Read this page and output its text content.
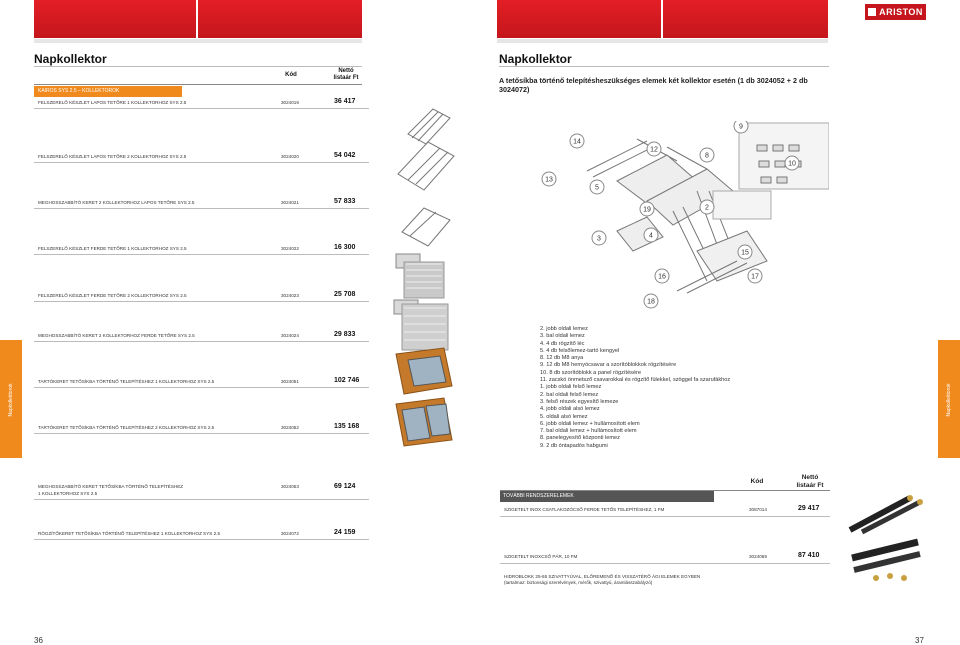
ARISTON
Napkollektor
KAIROS SYS 2.5 – KOLLEKTOROK
Kód
Nettó
listaár Ft
FELSZERELŐ KÉSZLET LAPOS TETŐRE 1 KOLLEKTORHOZ SYS 2.5	3024019	36 417
FELSZERELŐ KÉSZLET LAPOS TETŐRE 2 KOLLEKTORHOZ SYS 2.5	3024020	54 042
MEGHOSSZABBÍTÓ KERET 2 KOLLEKTORHOZ LAPOS TETŐRE SYS 2.5	3024021	57 833
FELSZERELŐ KÉSZLET FERDE TETŐRE 1 KOLLEKTORHOZ SYS 2.5	3024022	16 300
FELSZERELŐ KÉSZLET FERDE TETŐRE 2 KOLLEKTORHOZ SYS 2.5	3024023	25 708
MEGHOSSZABBÍTÓ KERET 2 KOLLEKTORHOZ FERDE TETŐRE SYS 2.5	3024024	29 833
TARTÓKERET TETŐSÍKBA TÖRTÉNŐ TELEPÍTÉSHEZ 1 KOLLEKTORHOZ SYS 2.5	3024051	102 746
TARTÓKERET TETŐSÍKBA TÖRTÉNŐ TELEPÍTÉSHEZ 2 KOLLEKTORHOZ SYS 2.5	3024052	135 168
MEGHOSSZABBÍTÓ KERET TETŐSÍKBA TÖRTÉNŐ TELEPÍTÉSHEZ
1 KOLLEKTORHOZ SYS 2.5
3024053	69 124
RÖGZÍTŐKERET TETŐSÍKBA TÖRTÉNŐ TELEPÍTÉSHEZ 1 KOLLEKTORHOZ SYS 2.5	3024072	24 159
Napkollektorok
36
Napkollektor
A tetősíkba történő telepítésheszükséges elemek két kollektor esetén (1 db 3024052 + 2 db 3024072)
9
14
12
8
10
13
5
19	2
3	4
15
16	17
18
2. jobb oldali lemez
3. bal oldali lemez
4. 4 db rögzítő léc
5. 4 db felsőlemez-tartó kengyel
8. 12 db M8 anya
9. 12 db M8 hernyócsavar a szorítóblokkok rögzítésére
10. 8 db szorítóblokk a panel rögzítésére
11. zacskó önmetsző csavarokkal és rögzítő fülekkel, szöggel fa szarufákhoz
1. jobb oldali felső lemez
2. bal oldali felső lemez
3. felső részek egyesítő lemeze
4. jobb oldali alsó lemez
5. oldali alsó lemez
6. jobb oldali lemez + hullámosított elem
7. bal oldali lemez + hullámosított elem
8. panelegyesítő központi lemez
9. 2 db óntapadós habgumi
Kód
Nettó
listaár Ft
TOVÁBBI RENDSZERELEMEK
SZIGETELT INOX CSATLAKOZÓCSŐ FERDE TETŐS TELEPÍTÉSHEZ, 1 FM	3087014	29 417
SZIGETELT INOXCSŐ PÁR, 10 FM	3024069	87 410
HIDROBLOKK 25-65 SZIVATTYÚVAL, ELŐREMENŐ ÉS VISSZATÉRŐ ÁGI ELEMEK EGYBEN
(tartalmaz: biztonsági szerelvények, mérők, szivattyú, áramlásszabályzó)
Napkollektorok
37
